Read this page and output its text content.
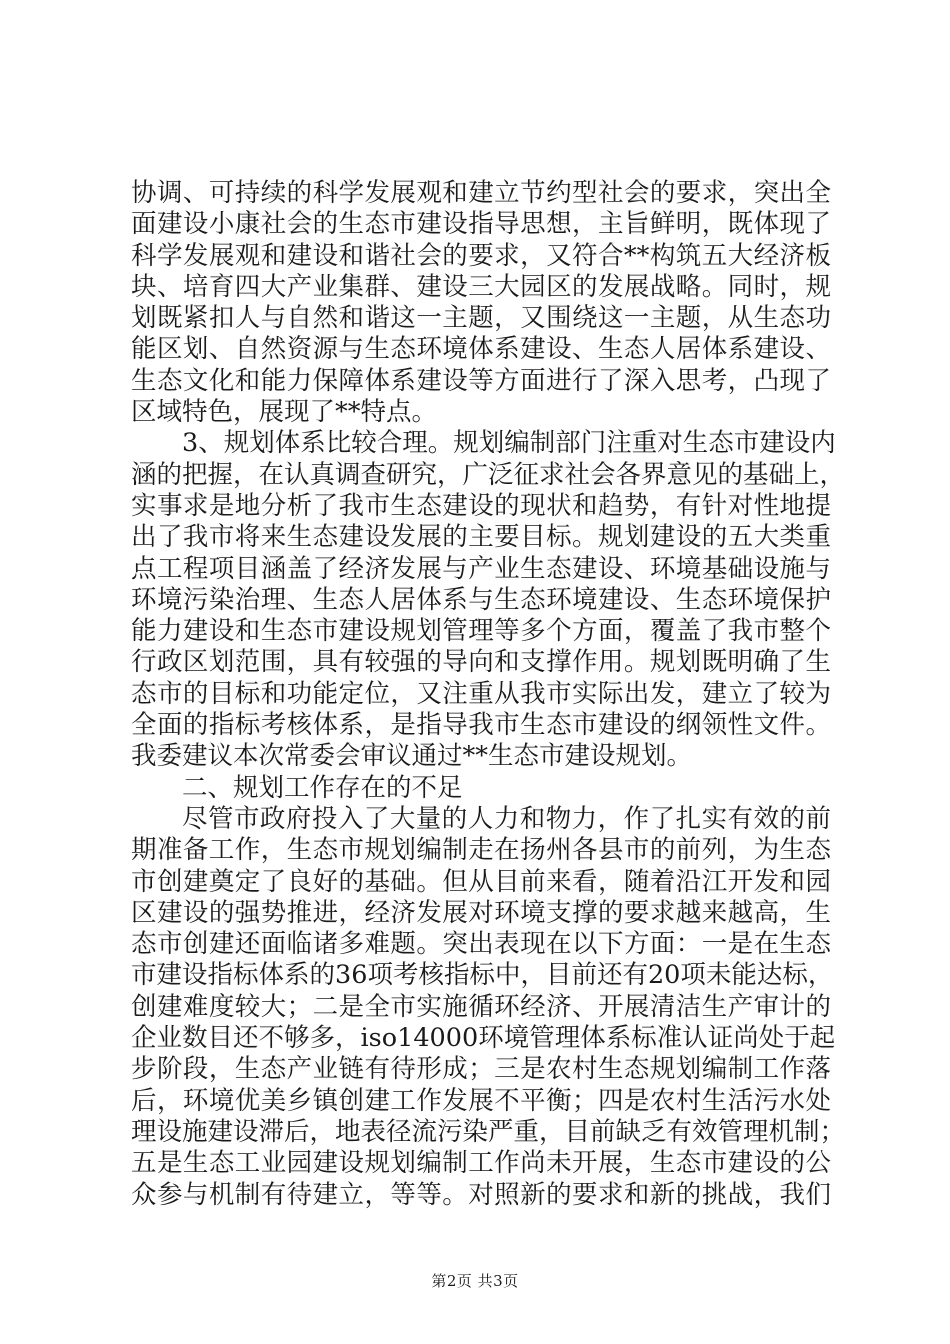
协调、可持续的科学发展观和建立节约型社会的要求，突出全
面建设小康社会的生态市建设指导思想，主旨鲜明，既体现了
科学发展观和建设和谐社会的要求，又符合**构筑五大经济板
块、培育四大产业集群、建设三大园区的发展战略。同时，规
划既紧扣人与自然和谐这一主题，又围绕这一主题，从生态功
能区划、自然资源与生态环境体系建设、生态人居体系建设、
生态文化和能力保障体系建设等方面进行了深入思考，凸现了
区域特色，展现了**特点。
3、规划体系比较合理。规划编制部门注重对生态市建设内
涵的把握，在认真调查研究，广泛征求社会各界意见的基础上，
实事求是地分析了我市生态建设的现状和趋势，有针对性地提
出了我市将来生态建设发展的主要目标。规划建设的五大类重
点工程项目涵盖了经济发展与产业生态建设、环境基础设施与
环境污染治理、生态人居体系与生态环境建设、生态环境保护
能力建设和生态市建设规划管理等多个方面，覆盖了我市整个
行政区划范围，具有较强的导向和支撑作用。规划既明确了生
态市的目标和功能定位，又注重从我市实际出发，建立了较为
全面的指标考核体系，是指导我市生态市建设的纲领性文件。
我委建议本次常委会审议通过**生态市建设规划。
二、规划工作存在的不足
尽管市政府投入了大量的人力和物力，作了扎实有效的前
期准备工作，生态市规划编制走在扬州各县市的前列，为生态
市创建奠定了良好的基础。但从目前来看，随着沿江开发和园
区建设的强势推进，经济发展对环境支撑的要求越来越高，生
态市创建还面临诸多难题。突出表现在以下方面：一是在生态
市建设指标体系的36项考核指标中，目前还有20项未能达标，
创建难度较大；二是全市实施循环经济、开展清洁生产审计的
企业数目还不够多，iso14000环境管理体系标准认证尚处于起
步阶段，生态产业链有待形成；三是农村生态规划编制工作落
后，环境优美乡镇创建工作发展不平衡；四是农村生活污水处
理设施建设滞后，地表径流污染严重，目前缺乏有效管理机制；
五是生态工业园建设规划编制工作尚未开展，生态市建设的公
众参与机制有待建立，等等。对照新的要求和新的挑战，我们
第2页 共3页
